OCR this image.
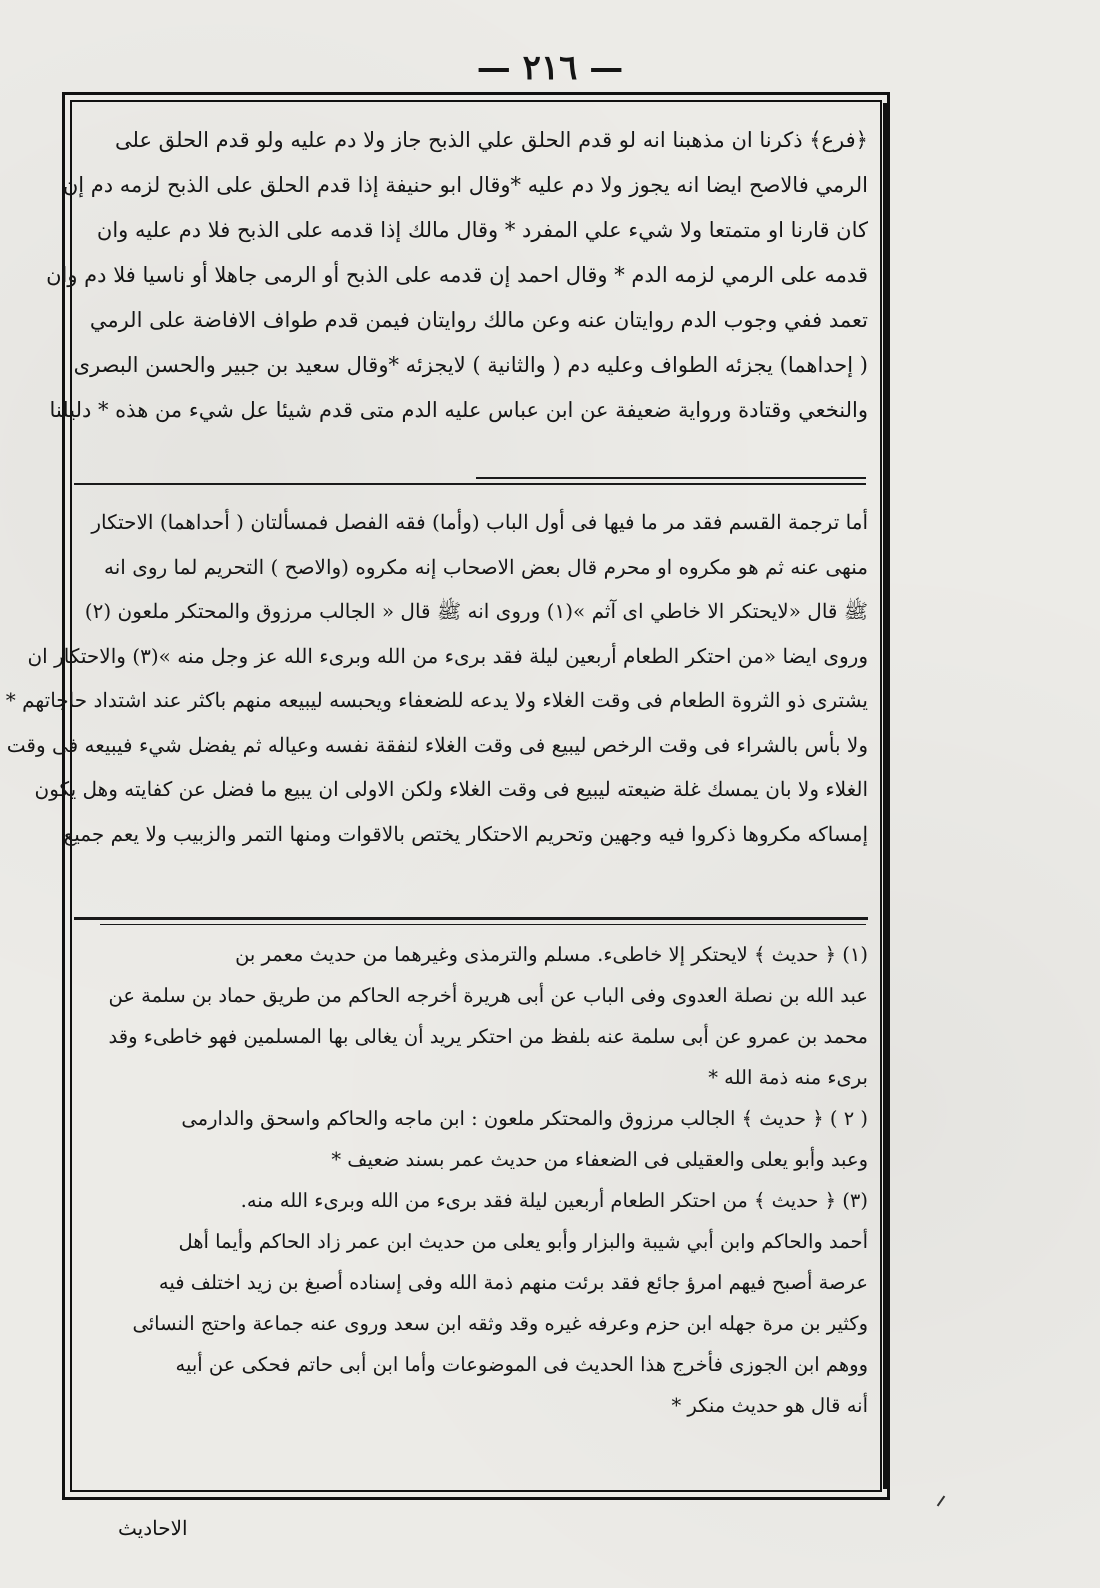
— ٢١٦ —
﴿فرع﴾ ذكرنا ان مذهبنا انه لو قدم الحلق علي الذبح جاز ولا دم عليه ولو قدم الحلق على
الرمي فالاصح ايضا انه يجوز ولا دم عليه *وقال ابو حنيفة إذا قدم الحلق على الذبح لزمه دم إن
كان قارنا او متمتعا ولا شيء علي المفرد * وقال مالك إذا قدمه على الذبح فلا دم عليه وان
قدمه على الرمي لزمه الدم * وقال احمد إن قدمه على الذبح أو الرمى جاهلا أو ناسيا فلا دم وان
تعمد ففي وجوب الدم روايتان عنه وعن مالك روايتان فيمن قدم طواف الافاضة على الرمي
( إحداهما) يجزئه الطواف وعليه دم ( والثانية ) لايجزئه *وقال سعيد بن جبير والحسن البصرى
والنخعي وقتادة ورواية ضعيفة عن ابن عباس عليه الدم متى قدم شيئا عل شيء من هذه * دليلنا
أما ترجمة القسم فقد مر ما فيها فى أول الباب (وأما) فقه الفصل فمسألتان ( أحداهما) الاحتكار
منهى عنه ثم هو مكروه او محرم قال بعض الاصحاب إنه مكروه (والاصح ) التحريم لما روى انه
ﷺ قال «لايحتكر الا خاطي اى آثم »(١) وروى انه ﷺ قال « الجالب مرزوق والمحتكر ملعون (٢)
وروى ايضا «من احتكر الطعام أربعين ليلة فقد برىء من الله وبرىء الله عز وجل منه »(٣) والاحتكار ان
يشترى ذو الثروة الطعام فى وقت الغلاء ولا يدعه للضعفاء ويحبسه ليبيعه منهم باكثر عند اشتداد حاجاتهم *
ولا بأس بالشراء فى وقت الرخص ليبيع فى وقت الغلاء لنفقة نفسه وعياله ثم يفضل شيء فيبيعه فى وقت
الغلاء ولا بان يمسك غلة ضيعته ليبيع فى وقت الغلاء ولكن الاولى ان يبيع ما فضل عن كفايته وهل يكون
إمساكه مكروها ذكروا فيه وجهين وتحريم الاحتكار يختص بالاقوات ومنها التمر والزبيب ولا يعم جميع
(١) ﴿ حديث ﴾ لايحتكر إلا خاطىء. مسلم والترمذى وغيرهما من حديث معمر بن
عبد الله بن نصلة العدوى وفى الباب عن أبى هريرة أخرجه الحاكم من طريق حماد بن سلمة عن
محمد بن عمرو عن أبى سلمة عنه بلفظ من احتكر يريد أن يغالى بها المسلمين فهو خاطىء وقد
برىء منه ذمة الله *
( ٢ ) ﴿ حديث ﴾ الجالب مرزوق والمحتكر ملعون : ابن ماجه والحاكم واسحق والدارمى
وعبد وأبو يعلى والعقيلى فى الضعفاء من حديث عمر بسند ضعيف *
(٣) ﴿ حديث ﴾ من احتكر الطعام أربعين ليلة فقد برىء من الله وبرىء الله منه.
أحمد والحاكم وابن أبي شيبة والبزار وأبو يعلى من حديث ابن عمر زاد الحاكم وأيما أهل
عرصة أصبح فيهم امرؤ جائع فقد برئت منهم ذمة الله وفى إسناده أصبغ بن زيد اختلف فيه
وكثير بن مرة جهله ابن حزم وعرفه غيره وقد وثقه ابن سعد وروى عنه جماعة واحتج النسائى
ووهم ابن الجوزى فأخرج هذا الحديث فى الموضوعات وأما ابن أبى حاتم فحكى عن أبيه
أنه قال هو حديث منكر *
الاحاديث
